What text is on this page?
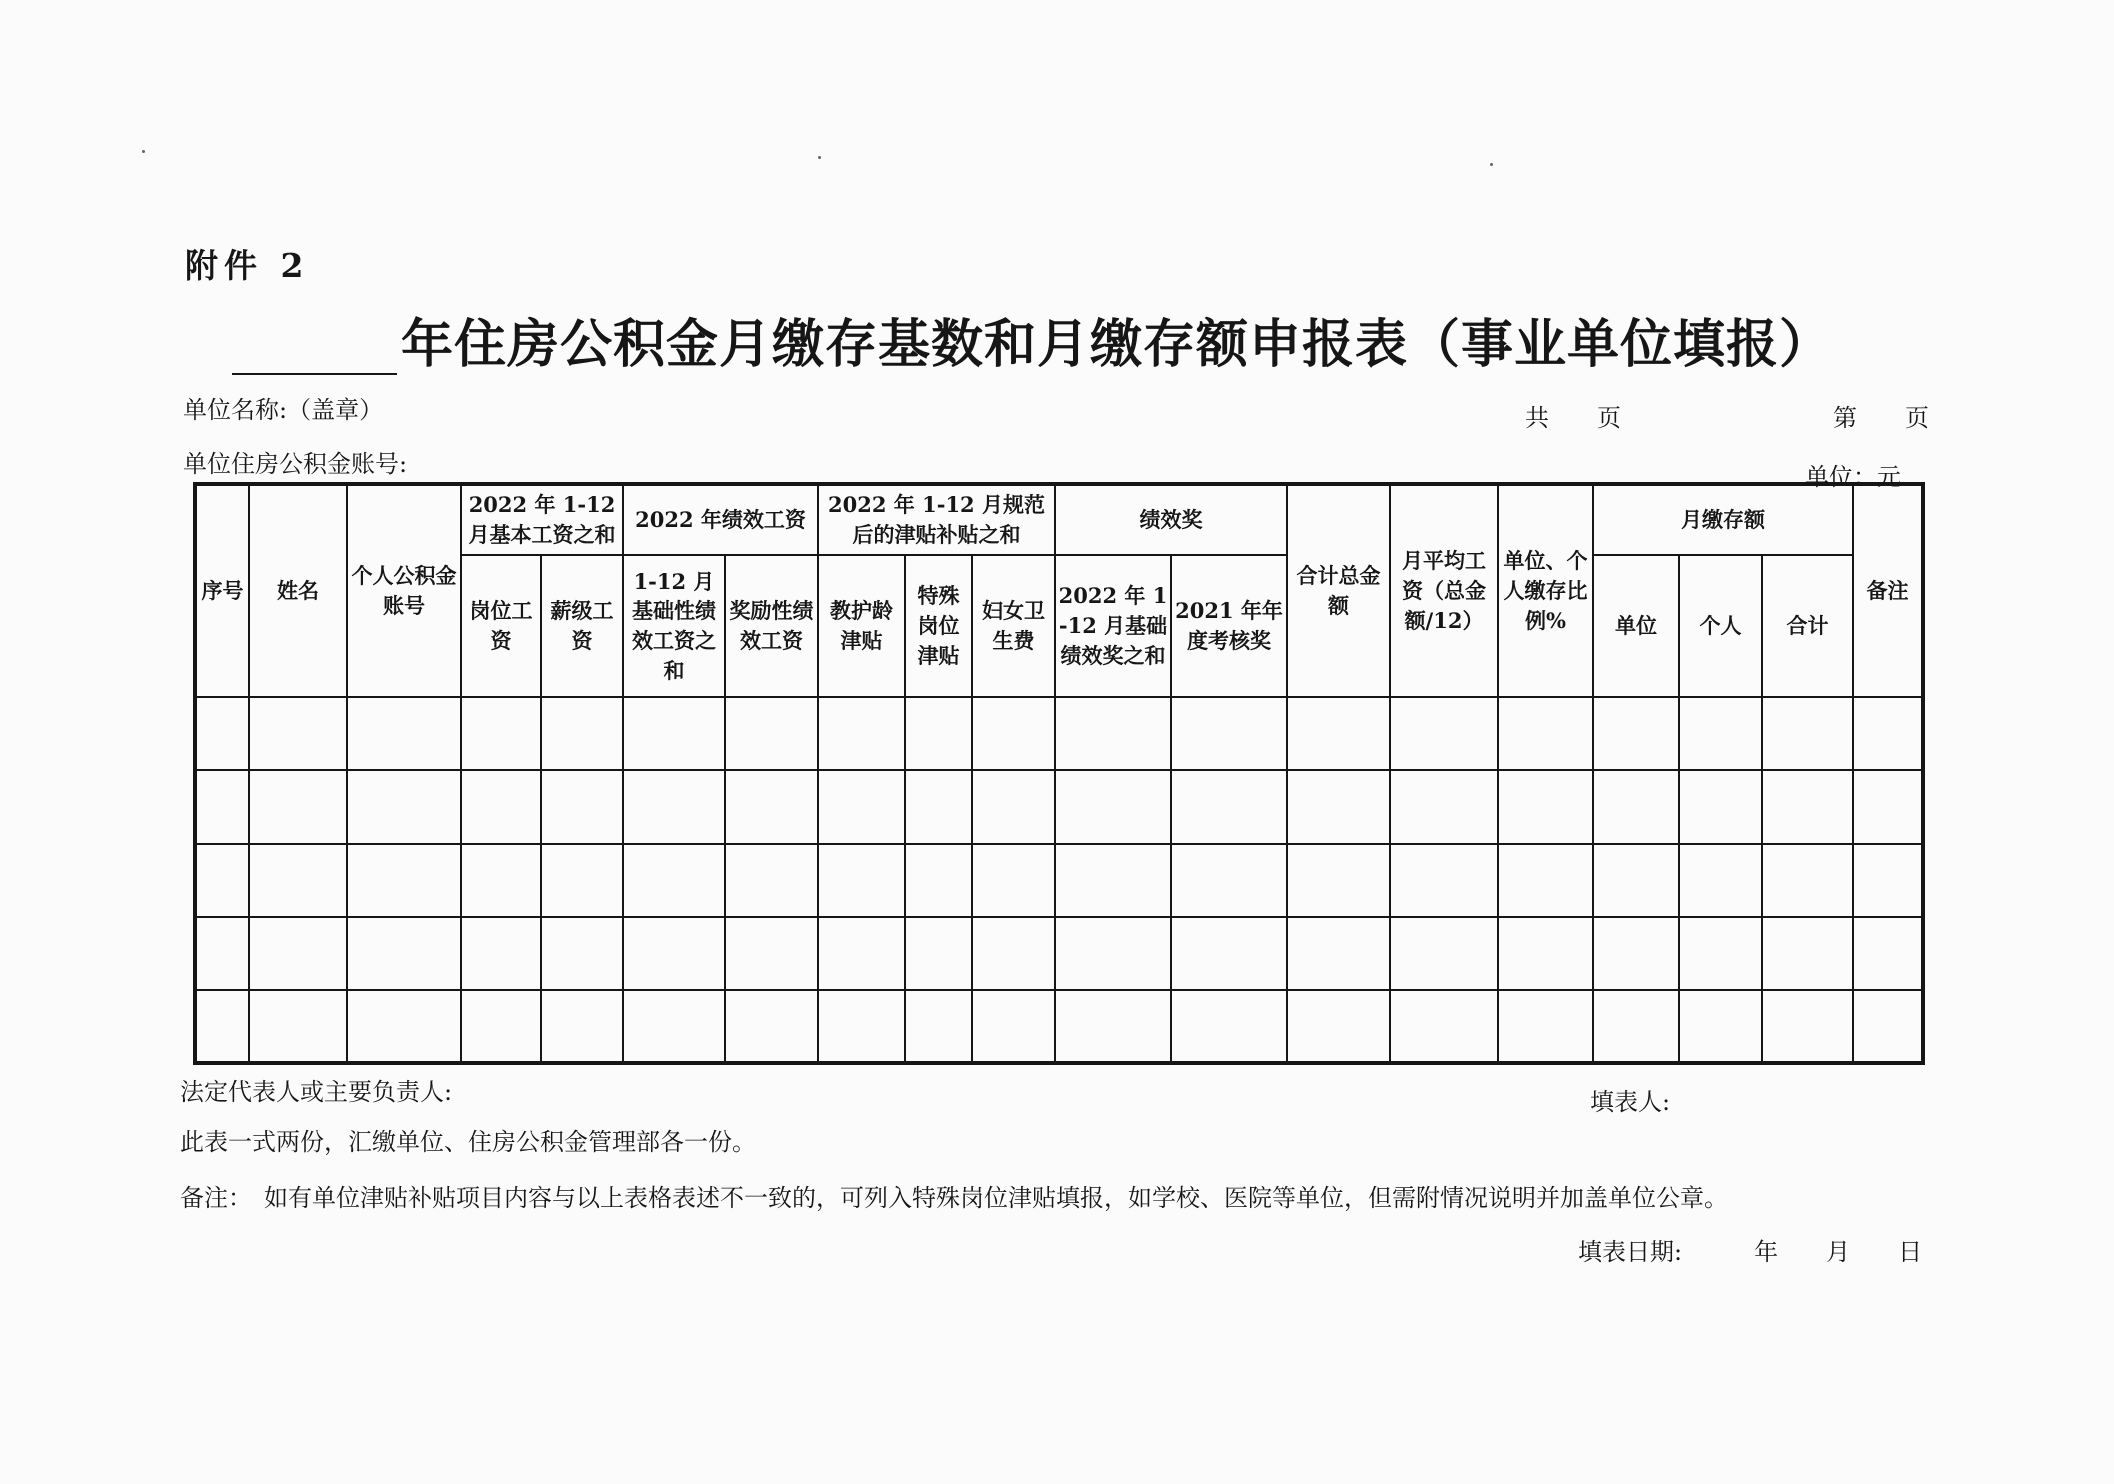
附件 2
年住房公积金月缴存基数和月缴存额申报表（事业单位填报）
单位名称:（盖章）	共　　页	第　　页
单位住房公积金账号:	单位：元
序号	姓名	个人公积金账号	2022 年 1-12 月基本工资之和		2022 年绩效工资		2022 年 1-12 月规范后的津贴补贴之和			绩效奖		合计总金额	月平均工资（总金额/12）	单位、个人缴存比例%	月缴存额			备注
			岗位工资	薪级工资	1-12 月基础性绩效工资之和	奖励性绩效工资	教护龄津贴	特殊岗位津贴	妇女卫生费	2022 年 1-12 月基础绩效奖之和	2021 年年度考核奖				单位	个人	合计	

法定代表人或主要负责人:	填表人:
此表一式两份，汇缴单位、住房公积金管理部各一份。
备注：　如有单位津贴补贴项目内容与以上表格表述不一致的，可列入特殊岗位津贴填报，如学校、医院等单位，但需附情况说明并加盖单位公章。
填表日期:　　　年　　月　　日
